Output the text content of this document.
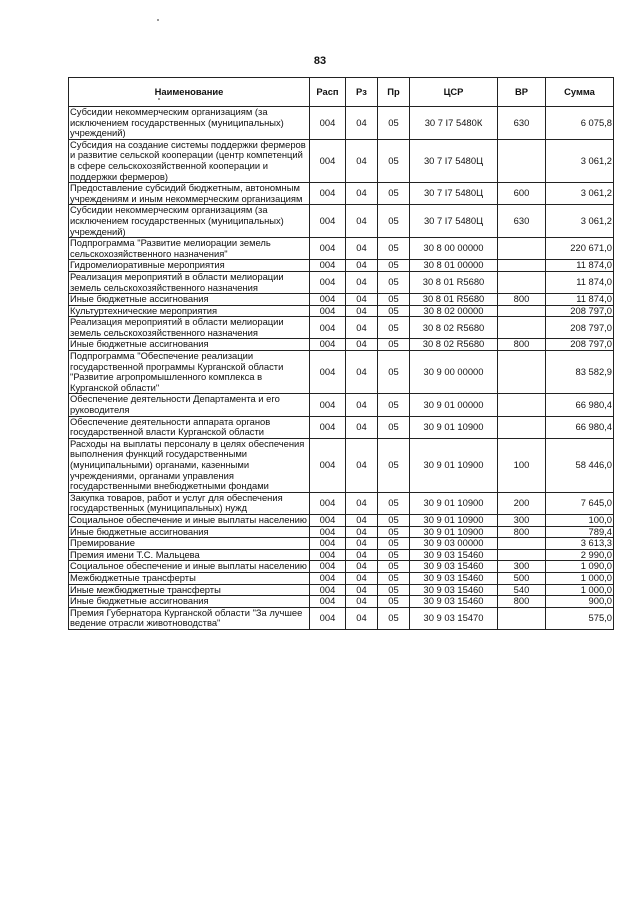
83
Наименование	Расп	Рз	Пр	ЦСР	ВР	Сумма
Субсидии некоммерческим организациям (за исключением государственных (муниципальных) учреждений)	004	04	05	30 7 I7 5480К	630	6 075,8
Субсидия на создание системы поддержки фермеров и развитие сельской кооперации (центр компетенций в сфере сельскохозяйственной кооперации и поддержки фермеров)	004	04	05	30 7 I7 5480Ц		3 061,2
Предоставление субсидий бюджетным, автономным учреждениям и иным некоммерческим организациям	004	04	05	30 7 I7 5480Ц	600	3 061,2
Субсидии некоммерческим организациям (за исключением государственных (муниципальных) учреждений)	004	04	05	30 7 I7 5480Ц	630	3 061,2
Подпрограмма "Развитие мелиорации земель сельскохозяйственного назначения"	004	04	05	30 8 00 00000		220 671,0
Гидромелиоративные мероприятия	004	04	05	30 8 01 00000		11 874,0
Реализация мероприятий в области мелиорации земель сельскохозяйственного назначения	004	04	05	30 8 01 R5680		11 874,0
Иные бюджетные ассигнования	004	04	05	30 8 01 R5680	800	11 874,0
Культуртехнические мероприятия	004	04	05	30 8 02 00000		208 797,0
Реализация мероприятий в области мелиорации земель сельскохозяйственного назначения	004	04	05	30 8 02 R5680		208 797,0
Иные бюджетные ассигнования	004	04	05	30 8 02 R5680	800	208 797,0
Подпрограмма "Обеспечение реализации государственной программы Курганской области "Развитие агропромышленного комплекса в Курганской области"	004	04	05	30 9 00 00000		83 582,9
Обеспечение деятельности Департамента и его руководителя	004	04	05	30 9 01 00000		66 980,4
Обеспечение деятельности аппарата органов государственной власти Курганской области	004	04	05	30 9 01 10900		66 980,4
Расходы на выплаты персоналу в целях обеспечения выполнения функций государственными (муниципальными) органами, казенными учреждениями, органами управления государственными внебюджетными фондами	004	04	05	30 9 01 10900	100	58 446,0
Закупка товаров, работ и услуг для обеспечения государственных (муниципальных) нужд	004	04	05	30 9 01 10900	200	7 645,0
Социальное обеспечение и иные выплаты населению	004	04	05	30 9 01 10900	300	100,0
Иные бюджетные ассигнования	004	04	05	30 9 01 10900	800	789,4
Премирование	004	04	05	30 9 03 00000		3 613,3
Премия имени Т.С. Мальцева	004	04	05	30 9 03 15460		2 990,0
Социальное обеспечение и иные выплаты населению	004	04	05	30 9 03 15460	300	1 090,0
Межбюджетные трансферты	004	04	05	30 9 03 15460	500	1 000,0
Иные межбюджетные трансферты	004	04	05	30 9 03 15460	540	1 000,0
Иные бюджетные ассигнования	004	04	05	30 9 03 15460	800	900,0
Премия Губернатора Курганской области "За лучшее ведение отрасли животноводства"	004	04	05	30 9 03 15470		575,0
